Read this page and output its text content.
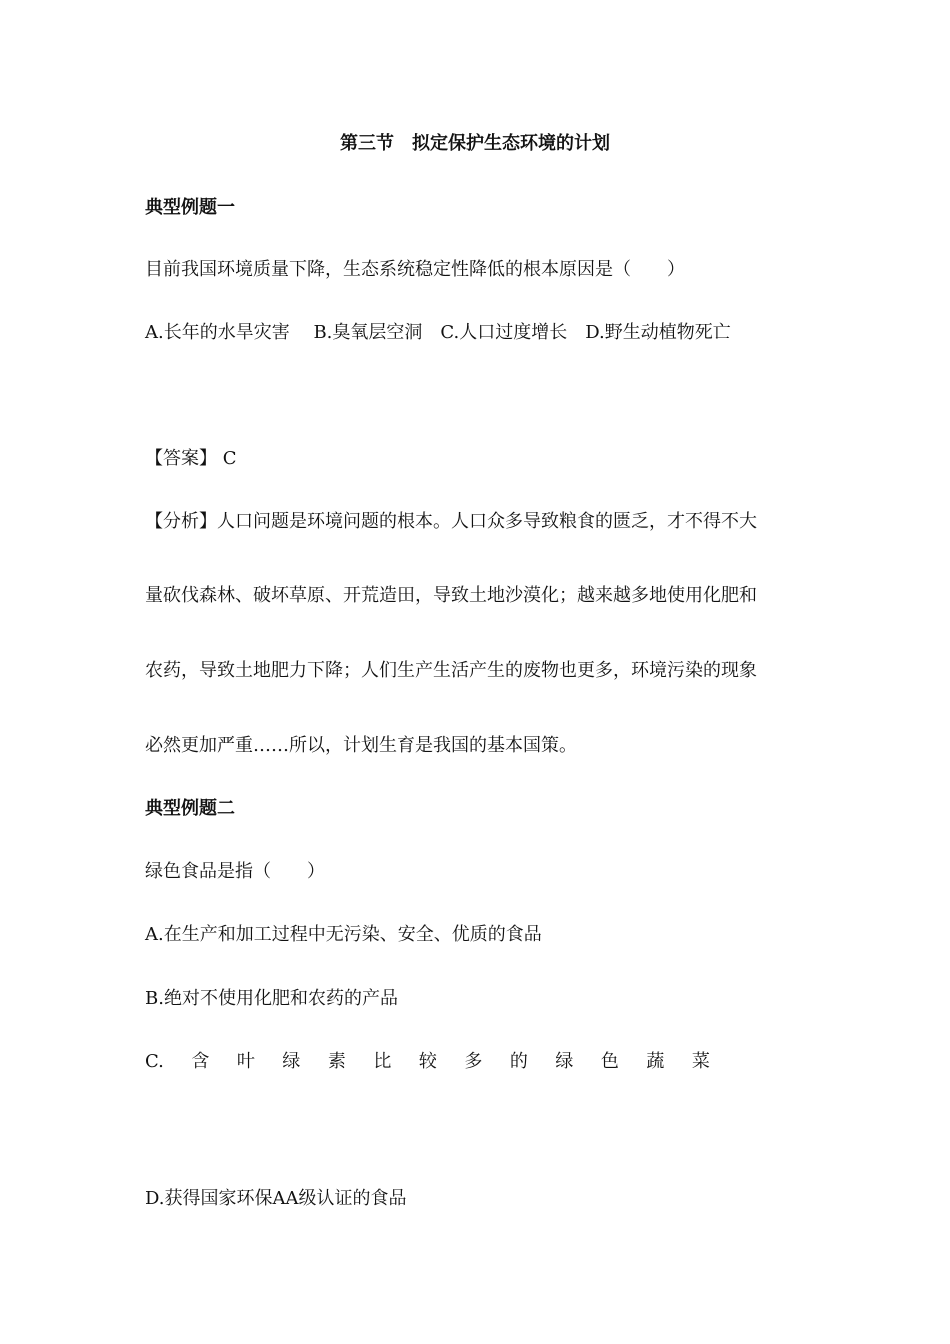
第三节　拟定保护生态环境的计划
典型例题一
目前我国环境质量下降，生态系统稳定性降低的根本原因是（　　）
A.长年的水旱灾害　 B.臭氧层空洞　C.人口过度增长　D.野生动植物死亡
【答案】 C
【分析】人口问题是环境问题的根本。人口众多导致粮食的匮乏，才不得不大
量砍伐森林、破坏草原、开荒造田，导致土地沙漠化；越来越多地使用化肥和
农药，导致土地肥力下降；人们生产生活产生的废物也更多，环境污染的现象
必然更加严重……所以，计划生育是我国的基本国策。
典型例题二
绿色食品是指（　　）
A.在生产和加工过程中无污染、安全、优质的食品
B.绝对不使用化肥和农药的产品
C. 含 叶 绿 素 比 较 多 的 绿 色 蔬 菜
D.获得国家环保AA级认证的食品
